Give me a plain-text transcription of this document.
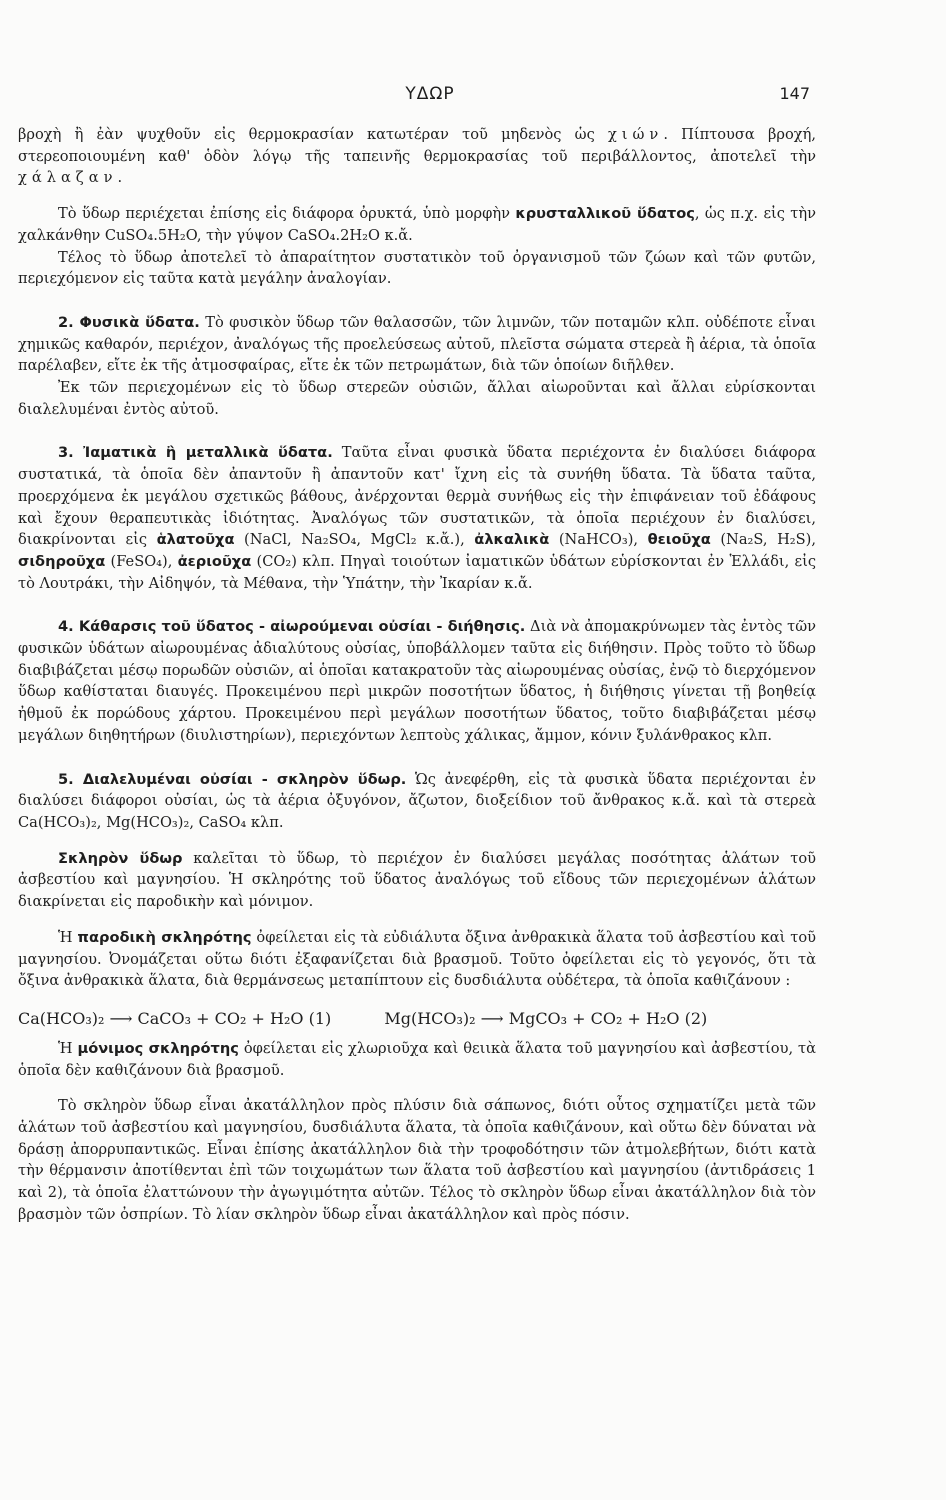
ΥΔΩΡ	147

βροχὴ ἢ ἐὰν ψυχθοῦν εἰς θερμοκρασίαν κατωτέραν τοῦ μηδενὸς ὡς χιών. Πίπτουσα βροχή, στερεοποιουμένη καθ' ὁδὸν λόγῳ τῆς ταπεινῆς θερμοκρασίας τοῦ περιβάλλοντος, ἀποτελεῖ τὴν χάλαζαν.

Τὸ ὕδωρ περιέχεται ἐπίσης εἰς διάφορα ὀρυκτά, ὑπὸ μορφὴν κρυσταλλικοῦ ὕδατος, ὡς π.χ. εἰς τὴν χαλκάνθην CuSO₄.5H₂O, τὴν γύψον CaSO₄.2H₂O κ.ἄ.

Τέλος τὸ ὕδωρ ἀποτελεῖ τὸ ἀπαραίτητον συστατικὸν τοῦ ὀργανισμοῦ τῶν ζώων καὶ τῶν φυτῶν, περιεχόμενον εἰς ταῦτα κατὰ μεγάλην ἀναλογίαν.

2. Φυσικὰ ὕδατα. Τὸ φυσικὸν ὕδωρ τῶν θαλασσῶν, τῶν λιμνῶν, τῶν ποταμῶν κλπ. οὐδέποτε εἶναι χημικῶς καθαρόν, περιέχον, ἀναλόγως τῆς προελεύσεως αὐτοῦ, πλεῖστα σώματα στερεὰ ἢ ἀέρια, τὰ ὁποῖα παρέλαβεν, εἴτε ἐκ τῆς ἀτμοσφαίρας, εἴτε ἐκ τῶν πετρωμάτων, διὰ τῶν ὁποίων διῆλθεν.

Ἐκ τῶν περιεχομένων εἰς τὸ ὕδωρ στερεῶν οὐσιῶν, ἄλλαι αἰωροῦνται καὶ ἄλλαι εὑρίσκονται διαλελυμέναι ἐντὸς αὐτοῦ.

3. Ἰαματικὰ ἢ μεταλλικὰ ὕδατα. Ταῦτα εἶναι φυσικὰ ὕδατα περιέχοντα ἐν διαλύσει διάφορα συστατικά, τὰ ὁποῖα δὲν ἀπαντοῦν ἢ ἀπαντοῦν κατ' ἴχνη εἰς τὰ συνήθη ὕδατα. Τὰ ὕδατα ταῦτα, προερχόμενα ἐκ μεγάλου σχετικῶς βάθους, ἀνέρχονται θερμὰ συνήθως εἰς τὴν ἐπιφάνειαν τοῦ ἐδάφους καὶ ἔχουν θεραπευτικὰς ἰδιότητας. Ἀναλόγως τῶν συστατικῶν, τὰ ὁποῖα περιέχουν ἐν διαλύσει, διακρίνονται εἰς ἁλατοῦχα (NaCl, Na₂SO₄, MgCl₂ κ.ἄ.), ἀλκαλικὰ (NaHCO₃), θειοῦχα (Na₂S, H₂S), σιδηροῦχα (FeSO₄), ἀεριοῦχα (CO₂) κλπ. Πηγαὶ τοιούτων ἰαματικῶν ὑδάτων εὑρίσκονται ἐν Ἑλλάδι, εἰς τὸ Λουτράκι, τὴν Αἰδηψόν, τὰ Μέθανα, τὴν Ὑπάτην, τὴν Ἰκαρίαν κ.ἄ.

4. Κάθαρσις τοῦ ὕδατος - αἰωρούμεναι οὐσίαι - διήθησις. Διὰ νὰ ἀπομακρύνωμεν τὰς ἐντὸς τῶν φυσικῶν ὑδάτων αἰωρουμένας ἀδιαλύτους οὐσίας, ὑποβάλλομεν ταῦτα εἰς διήθησιν. Πρὸς τοῦτο τὸ ὕδωρ διαβιβάζεται μέσῳ πορωδῶν οὐσιῶν, αἱ ὁποῖαι κατακρατοῦν τὰς αἰωρουμένας οὐσίας, ἐνῷ τὸ διερχόμενον ὕδωρ καθίσταται διαυγές. Προκειμένου περὶ μικρῶν ποσοτήτων ὕδατος, ἡ διήθησις γίνεται τῇ βοηθείᾳ ἠθμοῦ ἐκ πορώδους χάρτου. Προκειμένου περὶ μεγάλων ποσοτήτων ὕδατος, τοῦτο διαβιβάζεται μέσῳ μεγάλων διηθητήρων (διυλιστηρίων), περιεχόντων λεπτοὺς χάλικας, ἄμμον, κόνιν ξυλάνθρακος κλπ.

5. Διαλελυμέναι οὐσίαι - σκληρὸν ὕδωρ. Ὡς ἀνεφέρθη, εἰς τὰ φυσικὰ ὕδατα περιέχονται ἐν διαλύσει διάφοροι οὐσίαι, ὡς τὰ ἀέρια ὀξυγόνον, ἄζωτον, διοξείδιον τοῦ ἄνθρακος κ.ἄ. καὶ τὰ στερεὰ Ca(HCO₃)₂, Mg(HCO₃)₂, CaSO₄ κλπ.

Σκληρὸν ὕδωρ καλεῖται τὸ ὕδωρ, τὸ περιέχον ἐν διαλύσει μεγάλας ποσότητας ἁλάτων τοῦ ἀσβεστίου καὶ μαγνησίου. Ἡ σκληρότης τοῦ ὕδατος ἀναλόγως τοῦ εἴδους τῶν περιεχομένων ἁλάτων διακρίνεται εἰς παροδικὴν καὶ μόνιμον.

Ἡ παροδικὴ σκληρότης ὀφείλεται εἰς τὰ εὐδιάλυτα ὄξινα ἀνθρακικὰ ἅλατα τοῦ ἀσβεστίου καὶ τοῦ μαγνησίου. Ὀνομάζεται οὕτω διότι ἐξαφανίζεται διὰ βρασμοῦ. Τοῦτο ὀφείλεται εἰς τὸ γεγονός, ὅτι τὰ ὄξινα ἀνθρακικὰ ἅλατα, διὰ θερμάνσεως μεταπίπτουν εἰς δυσδιάλυτα οὐδέτερα, τὰ ὁποῖα καθιζάνουν :

Ca(HCO₃)₂ ⟶ CaCO₃ + CO₂ + H₂O (1)	Mg(HCO₃)₂ ⟶ MgCO₃ + CO₂ + H₂O (2)

Ἡ μόνιμος σκληρότης ὀφείλεται εἰς χλωριοῦχα καὶ θειικὰ ἅλατα τοῦ μαγνησίου καὶ ἀσβεστίου, τὰ ὁποῖα δὲν καθιζάνουν διὰ βρασμοῦ.

Τὸ σκληρὸν ὕδωρ εἶναι ἀκατάλληλον πρὸς πλύσιν διὰ σάπωνος, διότι οὗτος σχηματίζει μετὰ τῶν ἁλάτων τοῦ ἀσβεστίου καὶ μαγνησίου, δυσδιάλυτα ἅλατα, τὰ ὁποῖα καθιζάνουν, καὶ οὕτω δὲν δύναται νὰ δράσῃ ἀπορρυπαντικῶς. Εἶναι ἐπίσης ἀκατάλληλον διὰ τὴν τροφοδότησιν τῶν ἀτμολεβήτων, διότι κατὰ τὴν θέρμανσιν ἀποτίθενται ἐπὶ τῶν τοιχωμάτων των ἅλατα τοῦ ἀσβεστίου καὶ μαγνησίου (ἀντιδράσεις 1 καὶ 2), τὰ ὁποῖα ἐλαττώνουν τὴν ἀγωγιμότητα αὐτῶν. Τέλος τὸ σκληρὸν ὕδωρ εἶναι ἀκατάλληλον διὰ τὸν βρασμὸν τῶν ὀσπρίων. Τὸ λίαν σκληρὸν ὕδωρ εἶναι ἀκατάλληλον καὶ πρὸς πόσιν.
